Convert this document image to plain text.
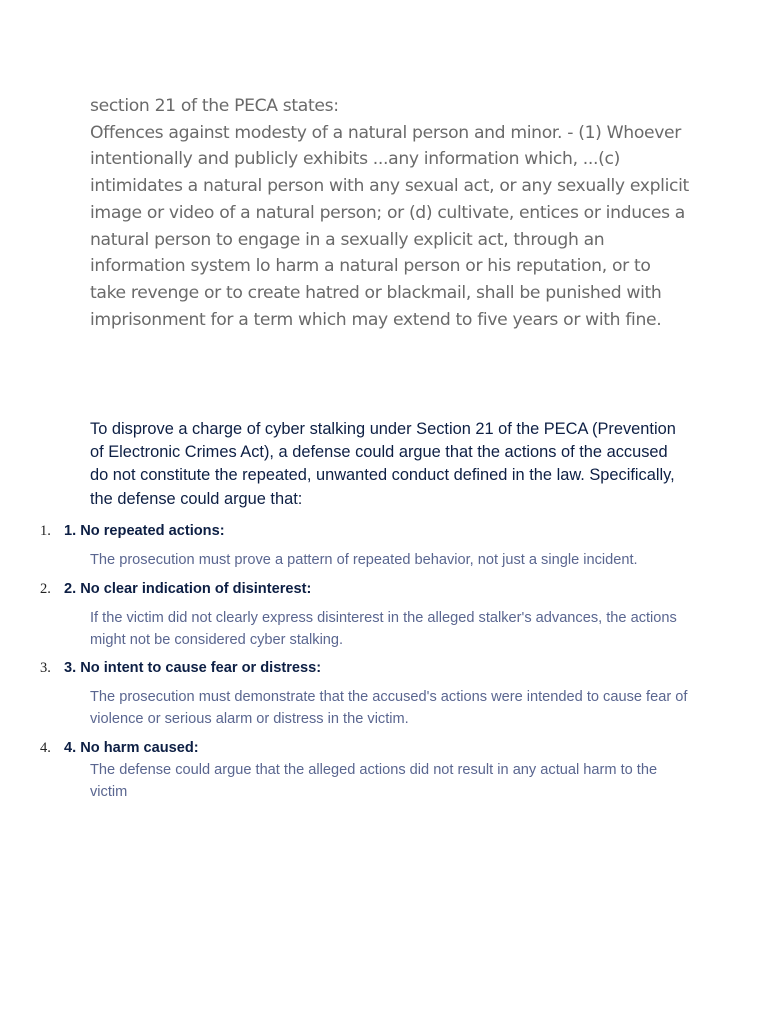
section 21 of the PECA states:

Offences against modesty of a natural person and minor. - (1) Whoever intentionally and publicly exhibits ...any information which, ...(c) intimidates a natural person with any sexual act, or any sexually explicit image or video of a natural person; or (d) cultivate, entices or induces a natural person to engage in a sexually explicit act, through an information system lo harm a natural person or his reputation, or to take revenge or to create hatred or blackmail, shall be punished with imprisonment for a term which may extend to five years or with fine.

To disprove a charge of cyber stalking under Section 21 of the PECA (Prevention of Electronic Crimes Act), a defense could argue that the actions of the accused do not constitute the repeated, unwanted conduct defined in the law. Specifically, the defense could argue that:

1. 1. No repeated actions:

The prosecution must prove a pattern of repeated behavior, not just a single incident.

2. 2. No clear indication of disinterest:

If the victim did not clearly express disinterest in the alleged stalker's advances, the actions might not be considered cyber stalking.

3. 3. No intent to cause fear or distress:

The prosecution must demonstrate that the accused's actions were intended to cause fear of violence or serious alarm or distress in the victim.

4. 4. No harm caused:

The defense could argue that the alleged actions did not result in any actual harm to the victim
